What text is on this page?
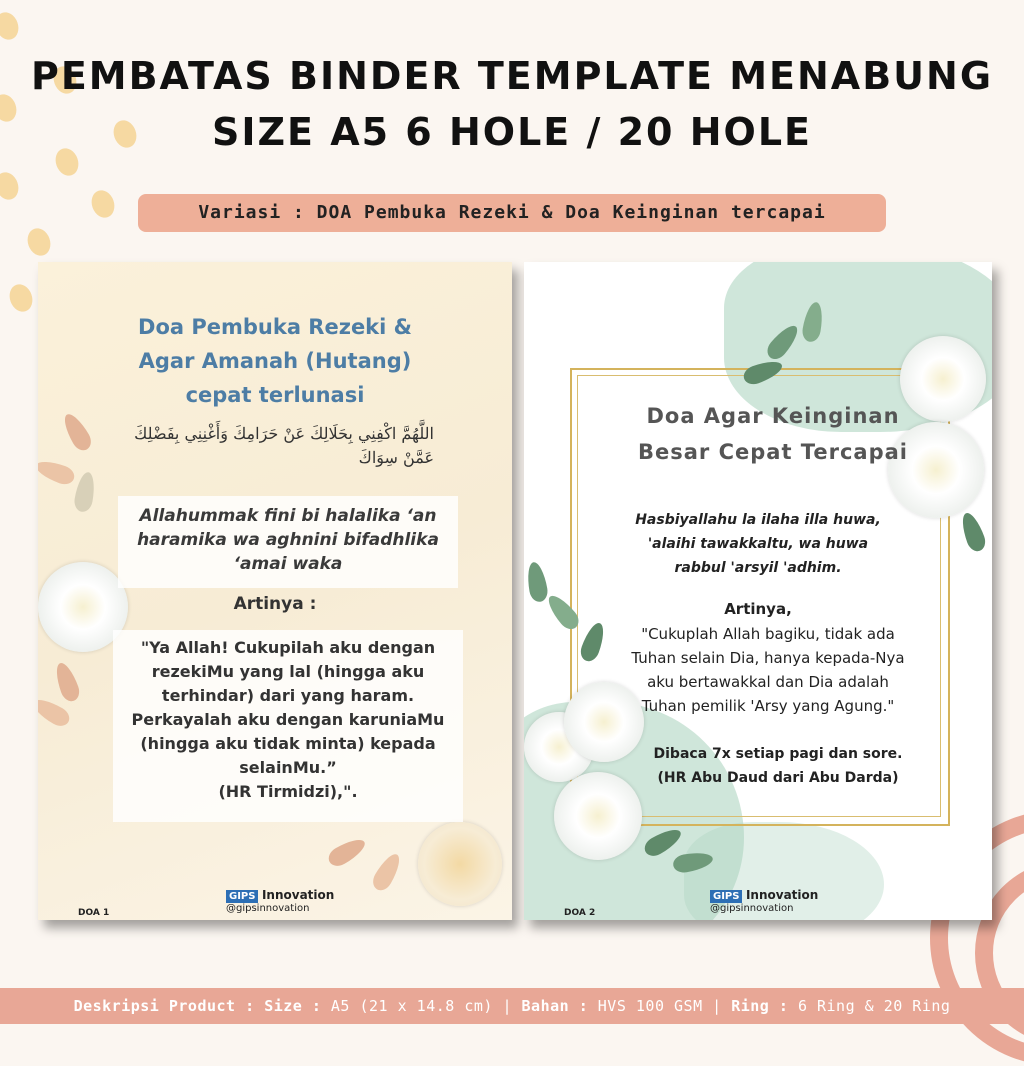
PEMBATAS BINDER TEMPLATE MENABUNG
SIZE A5 6 HOLE / 20 HOLE
Variasi : DOA Pembuka Rezeki & Doa Keinginan tercapai
Doa Pembuka Rezeki &
Agar Amanah (Hutang)
cepat terlunasi
اللَّهُمَّ اكْفِنِي بِحَلَالِكَ عَنْ حَرَامِكَ وَأَغْنِنِي بِفَضْلِكَ عَمَّنْ سِوَاكَ
Allahummak fini bi halalika ‘an
haramika wa aghnini bifadhlika
‘amai waka
Artinya :
"Ya Allah! Cukupilah aku dengan
rezekiMu yang lal (hingga aku
terhindar) dari yang haram.
Perkayalah aku dengan karuniaMu
(hingga aku tidak minta) kepada
selainMu.”
(HR Tirmidzi),".
DOA 1
GIPS Innovation
@gipsinnovation
Doa Agar Keinginan
Besar Cepat Tercapai
Hasbiyallahu la ilaha illa huwa,
'alaihi tawakkaltu, wa huwa
rabbul 'arsyil 'adhim.
Artinya,
"Cukuplah Allah bagiku, tidak ada
Tuhan selain Dia, hanya kepada-Nya
aku bertawakkal dan Dia adalah
Tuhan pemilik 'Arsy yang Agung."
Dibaca 7x setiap pagi dan sore.
(HR Abu Daud dari Abu Darda)
DOA 2
GIPS Innovation
@gipsinnovation
Deskripsi Product : Size : A5 (21 x 14.8 cm) | Bahan : HVS 100 GSM | Ring : 6 Ring & 20 Ring
